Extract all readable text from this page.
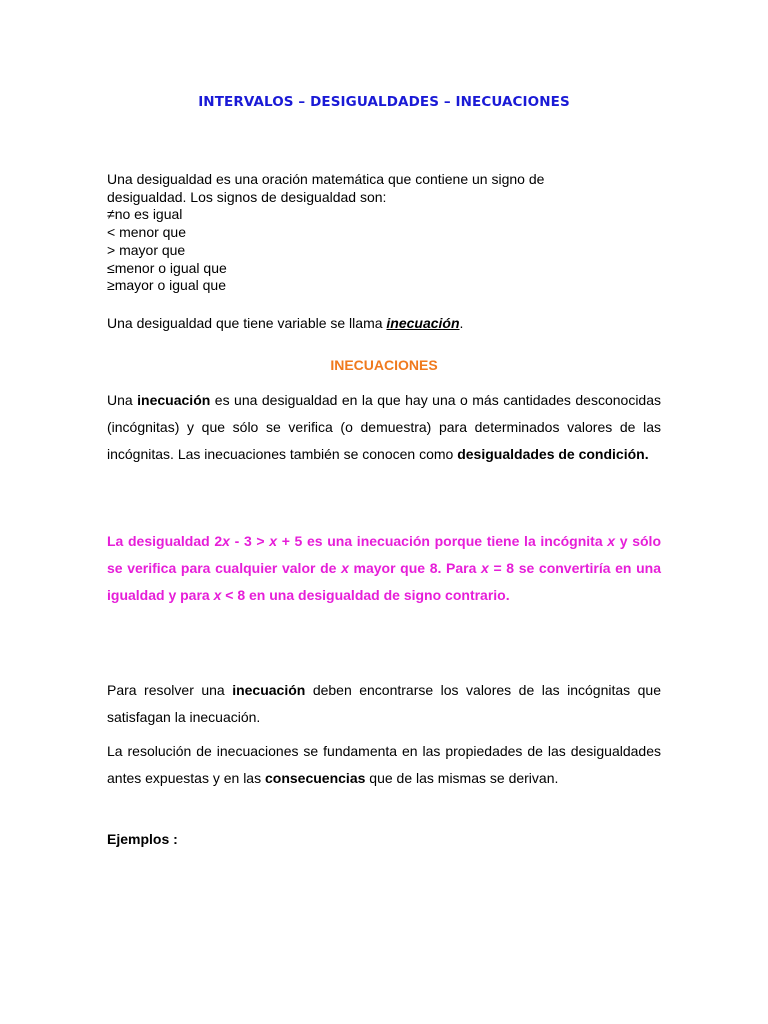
INTERVALOS – DESIGUALDADES – INECUACIONES
Una desigualdad es una oración matemática que contiene un signo de
desigualdad. Los signos de desigualdad son:
≠no es igual
< menor que
> mayor que
≤menor o igual que
≥mayor o igual que
Una desigualdad que tiene variable se llama inecuación.
INECUACIONES
Una inecuación es una desigualdad en la que hay una o más cantidades desconocidas (incógnitas) y que sólo se verifica (o demuestra) para determinados valores de las incógnitas. Las inecuaciones también se conocen como desigualdades de condición.
La desigualdad 2x - 3 > x + 5 es una inecuación porque tiene la incógnita x y sólo se verifica para cualquier valor de x mayor que 8. Para x = 8 se convertiría en una igualdad y para x < 8 en una desigualdad de signo contrario.
Para resolver una inecuación deben encontrarse los valores de las incógnitas que satisfagan la inecuación.
La resolución de inecuaciones se fundamenta en las propiedades de las desigualdades antes expuestas y en las consecuencias que de las mismas se derivan.
Ejemplos :
